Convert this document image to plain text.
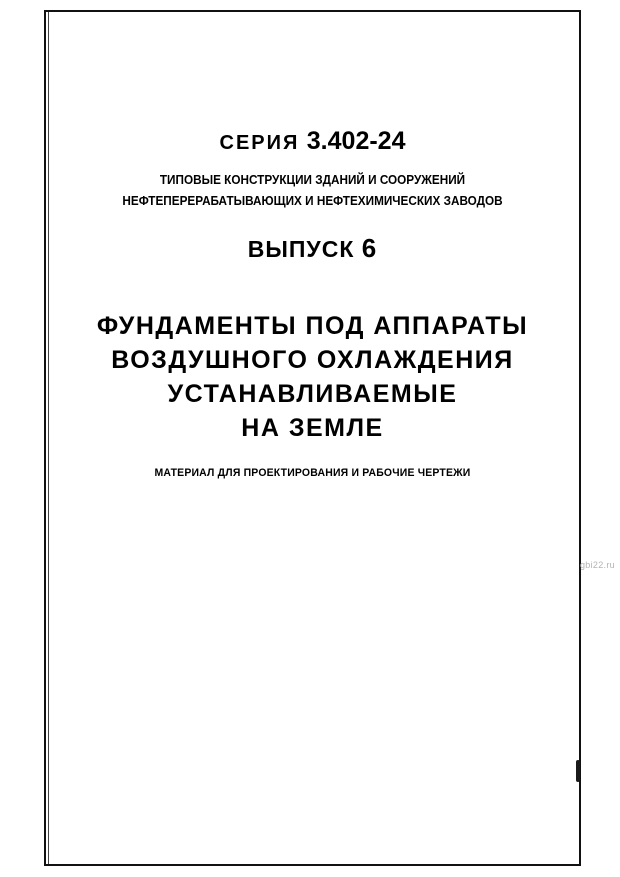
СЕРИЯ 3.402-24
ТИПОВЫЕ КОНСТРУКЦИИ ЗДАНИЙ И СООРУЖЕНИЙ
НЕФТЕПЕРЕРАБАТЫВАЮЩИХ И НЕФТЕХИМИЧЕСКИХ ЗАВОДОВ
ВЫПУСК 6
ФУНДАМЕНТЫ ПОД АППАРАТЫ
ВОЗДУШНОГО ОХЛАЖДЕНИЯ
УСТАНАВЛИВАЕМЫЕ
НА ЗЕМЛЕ
МАТЕРИАЛ ДЛЯ ПРОЕКТИРОВАНИЯ И РАБОЧИЕ ЧЕРТЕЖИ
gbi22.ru
